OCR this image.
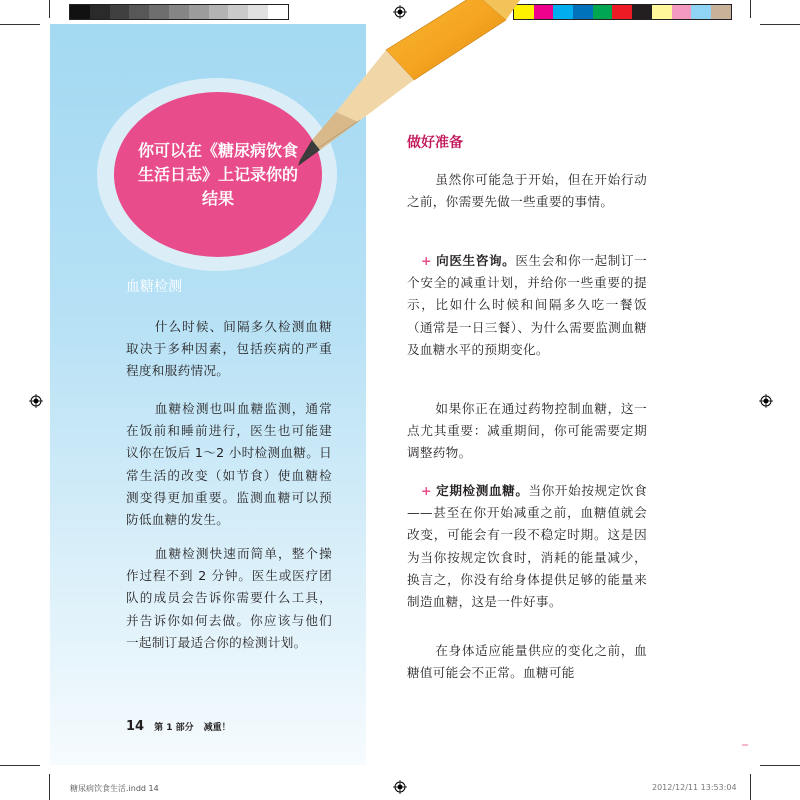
你可以在《糖尿病饮食生活日志》上记录你的结果
血糖检测
什么时候、间隔多久检测血糖取决于多种因素，包括疾病的严重程度和服药情况。
血糖检测也叫血糖监测，通常在饭前和睡前进行，医生也可能建议你在饭后 1～2 小时检测血糖。日常生活的改变（如节食）使血糖检测变得更加重要。监测血糖可以预防低血糖的发生。
血糖检测快速而简单，整个操作过程不到 2 分钟。医生或医疗团队的成员会告诉你需要什么工具，并告诉你如何去做。你应该与他们一起制订最适合你的检测计划。
14 第 1 部分 减重！
做好准备
虽然你可能急于开始，但在开始行动之前，你需要先做一些重要的事情。
+ 向医生咨询。医生会和你一起制订一个安全的减重计划，并给你一些重要的提示，比如什么时候和间隔多久吃一餐饭（通常是一日三餐）、为什么需要监测血糖及血糖水平的预期变化。
如果你正在通过药物控制血糖，这一点尤其重要：减重期间，你可能需要定期调整药物。
+ 定期检测血糖。当你开始按规定饮食——甚至在你开始减重之前，血糖值就会改变，可能会有一段不稳定时期。这是因为当你按规定饮食时，消耗的能量减少，换言之，你没有给身体提供足够的能量来制造血糖，这是一件好事。
在身体适应能量供应的变化之前，血糖值可能会不正常。血糖可能
糖尿病饮食生活.indd 14	2012/12/11 13:53:04
